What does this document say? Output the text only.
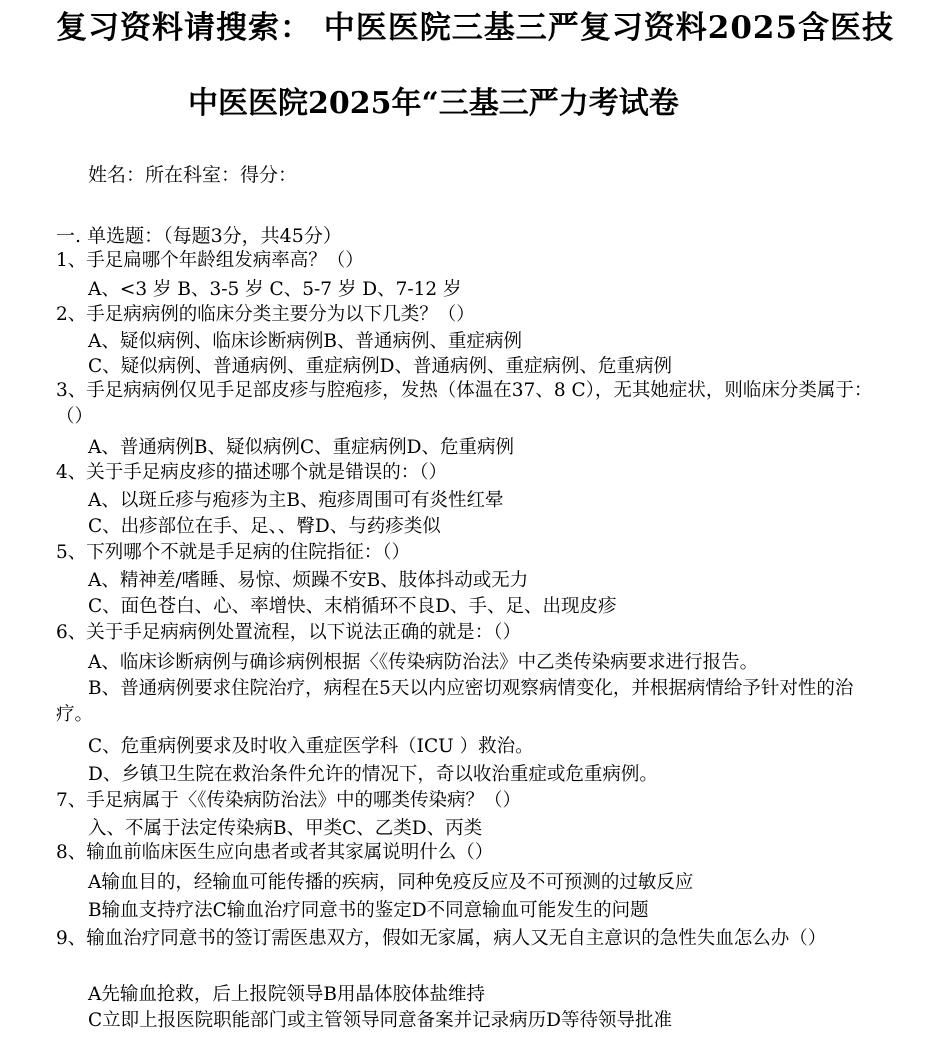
复习资料请搜索： 中医医院三基三严复习资料2025含医技
中医医院2025年“三基三严力考试卷
姓名：所在科室：得分：
一. 单选题：（每题3分，共45分）
1、手足扁哪个年龄组发病率高？（）
A、<3 岁 B、3-5 岁 C、5-7 岁 D、7-12 岁
2、手足病病例的临床分类主要分为以下几类？（）
A、疑似病例、临床诊断病例B、普通病例、重症病例
C、疑似病例、普通病例、重症病例D、普通病例、重症病例、危重病例
3、手足病病例仅见手足部皮疹与腔疱疹，发热（体温在37、8 C），无其她症状，则临床分类属于：（）
A、普通病例B、疑似病例C、重症病例D、危重病例
4、关于手足病皮疹的描述哪个就是错误的：（）
A、以斑丘疹与疱疹为主B、疱疹周围可有炎性红晕
C、出疹部位在手、足、、臀D、与药疹类似
5、下列哪个不就是手足病的住院指征：（）
A、精神差/嗜睡、易惊、烦躁不安B、肢体抖动或无力
C、面色苍白、心、率增快、末梢循环不良D、手、足、出现皮疹
6、关于手足病病例处置流程，以下说法正确的就是：（）
A、临床诊断病例与确诊病例根据〈《传染病防治法》中乙类传染病要求进行报告。
B、普通病例要求住院治疗，病程在5天以内应密切观察病情变化，并根据病情给予针对性的治疗。
C、危重病例要求及时收入重症医学科（ICU ）救治。
D、乡镇卫生院在救治条件允许的情况下，奇以收治重症或危重病例。
7、手足病属于〈《传染病防治法》中的哪类传染病？（）
入、不属于法定传染病B、甲类C、乙类D、丙类
8、输血前临床医生应向患者或者其家属说明什么（）
A输血目的，经输血可能传播的疾病，同种免疫反应及不可预测的过敏反应
B输血支持疗法C输血治疗同意书的鉴定D不同意输血可能发生的问题
9、输血治疗同意书的签订需医患双方，假如无家属，病人又无自主意识的急性失血怎么办（）
A先输血抢救，后上报院领导B用晶体胶体盐维持
C立即上报医院职能部门或主管领导同意备案并记录病历D等待领导批准
